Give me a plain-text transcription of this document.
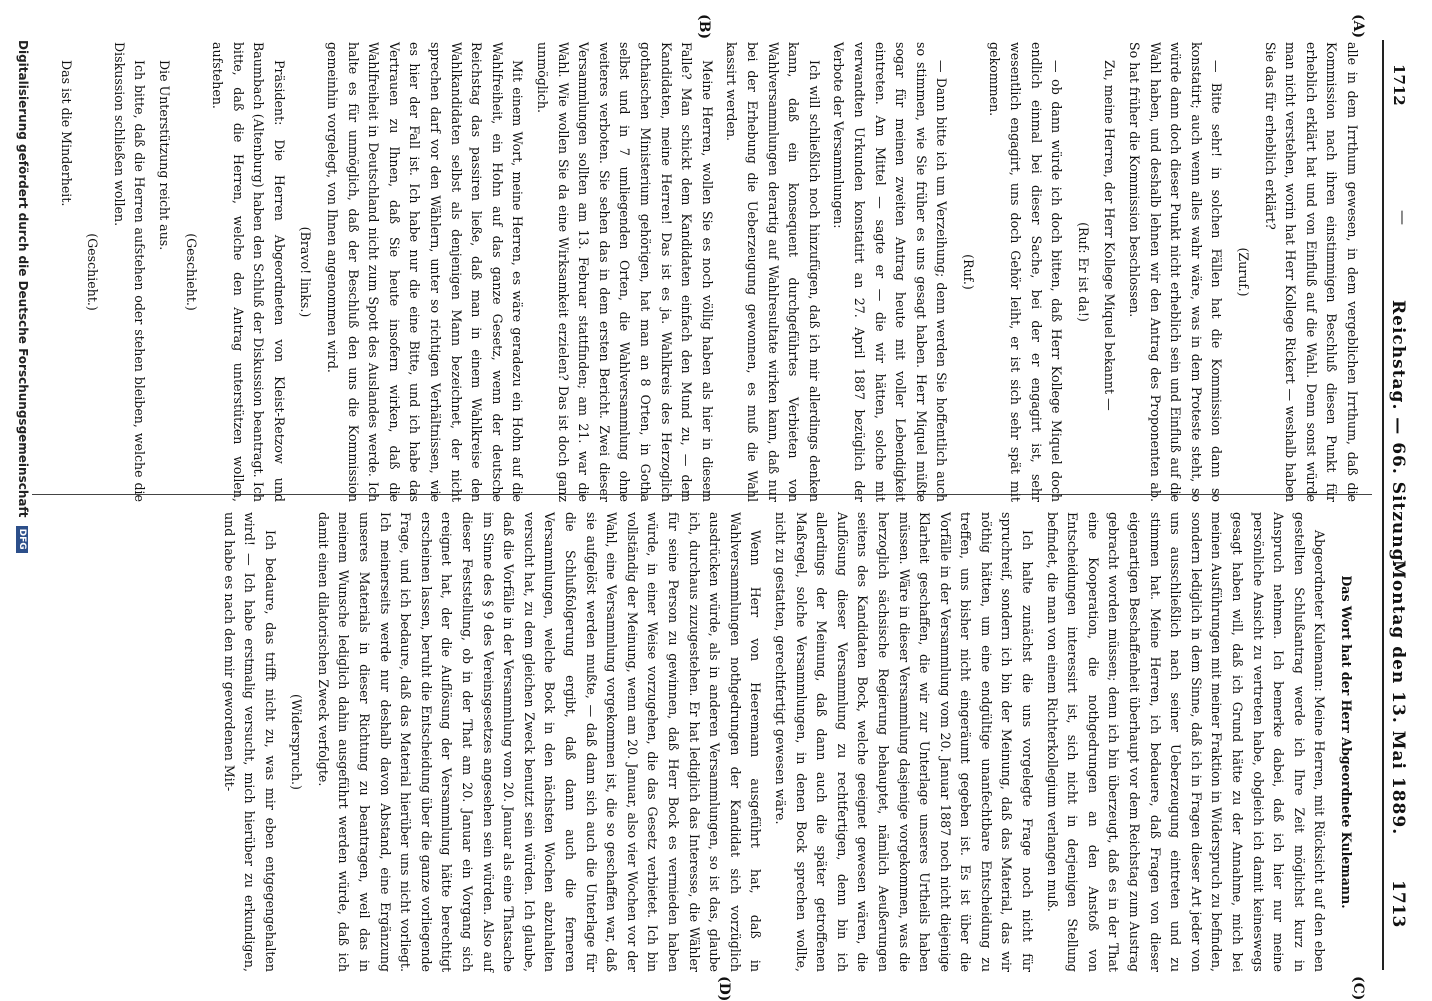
1712
—
Reichstag. — 66. Sitzung.
Montag den 13. Mai 1889.
1713
(A)
(B)
(C)
(D)

alle in dem Irrthum gewesen, in dem vergeblichen Irrthum, daß die Kommission nach ihren einstimmigen Beschluß diesen Punkt für erheblich erklärt hat und von Einfluß auf die Wahl. Denn sonst würde man nicht verstehen, worin hat Herr Kollege Rickert — weshalb haben Sie das für erheblich erklärt?

(Zuruf.)

— Bitte sehr! in solchen Fällen hat die Kommission dann so konstatirt; auch wenn alles wahr wäre, was in dem Proteste steht, so würde dann doch dieser Punkt nicht erheblich sein und Einfluß auf die Wahl haben, und deshalb lehnen wir den Antrag des Proponenten ab. So hat früher die Kommission beschlossen.

Zu, meine Herren, der Herr Kollege Miquel bekannt —

(Ruf: Er ist da!)

— ob dann würde ich doch bitten, daß Herr Kollege Miquel doch endlich einmal bei dieser Sache, bei der er engagirt ist, sehr wesentlich engagirt, uns doch Gehör leiht, er ist sich sehr spät mit gekommen.

(Ruf.)

— Dann bitte ich um Verzeihung; denn werden Sie hoffentlich auch so stimmen, wie Sie früher es uns gesagt haben. Herr Miquel müßte sogar für meinen zweiten Antrag heute mit voller Lebendigkeit eintreten. Am Mittel — sagte er — die wir hätten, solche mit verwandten Urkunden konstatirt an 27. April 1887 bezüglich der Verbote der Versammlungen:

Ich will schließlich noch hinzufügen, daß ich mir allerdings denken kann, daß ein konsequent durchgeführtes Verbieten von Wahlversammlungen derartig auf Wahlresultate wirken kann, daß nur bei der Erhebung die Ueberzeugung gewonnen, es muß die Wahl kassirt werden.

Meine Herren, wollen Sie es noch völlig haben als hier in diesem Falle? Man schickt dem Kandidaten einfach den Mund zu, — dem Kandidaten, meine Herren! Das ist es ja. Wahlkreis des Herzoglich gothaischen Ministerium gehörigen, hat man an 8 Orten, in Gotha selbst und in 7 umliegenden Orten, die Wahlversammlung ohne weiteres verboten. Sie sehen das in dem ersten Bericht. Zwei dieser Versammlungen sollten am 13. Februar stattfinden; am 21. war die Wahl. Wie wollen Sie da eine Wirksamkeit erzielen? Das ist doch ganz unmöglich.

Mit einem Wort, meine Herren, es wäre geradezu ein Hohn auf die Wahlfreiheit, ein Hohn auf das ganze Gesetz, wenn der deutsche Reichstag das passiren ließe, daß man in einem Wahlkreise den Wahlkandidaten selbst als denjenigen Mann bezeichnet, der nicht sprechen darf vor den Wählern, unter so richtigen Verhältnissen, wie es hier der Fall ist. Ich habe nur die eine Bitte, und ich habe das Vertrauen zu Ihnen, daß Sie heute insofern wirken, daß die Wahlfreiheit in Deutschland nicht zum Spott des Auslandes werde. Ich halte es für unmöglich, daß der Beschluß den uns die Kommission gemeinhin vorgelegt, von Ihnen angenommen wird.

(Bravo! links.)

Präsident: Die Herren Abgeordneten von Kleist-Retzow und Baumbach (Altenburg) haben den Schluß der Diskussion beantragt. Ich bitte, daß die Herren, welche den Antrag unterstützen wollen, aufstehen.

(Geschieht.)

Die Unterstützung reicht aus.

Ich bitte, daß die Herren aufstehen oder stehen bleiben, welche die Diskussion schließen wollen.

(Geschieht.)

Das ist die Minderheit.

Das Wort hat der Herr Abgeordnete Kulemann.

Abgeordneter Kulemann: Meine Herren, mit Rücksicht auf den eben gestellten Schlußantrag werde ich Ihre Zeit möglichst kurz in Anspruch nehmen. Ich bemerke dabei, daß ich hier nur meine persönliche Ansicht zu vertreten habe, obgleich ich damit keineswegs gesagt haben will, daß ich Grund hätte zu der Annahme, mich bei meinen Ausführungen mit meiner Fraktion in Widerspruch zu befinden, sondern lediglich in dem Sinne, daß ich in Fragen dieser Art jeder von uns ausschließlich nach seiner Ueberzeugung eintreten und zu stimmen hat. Meine Herren, ich bedauere, daß Fragen von dieser eigenartigen Beschaffenheit überhaupt vor dem Reichstag zum Austrag gebracht worden müssen; denn ich bin überzeugt, daß es in der That eine Kooperation, die nothgedrungen an den Anstoß von Entscheidungen interessirt ist, sich nicht in derjenigen Stellung befindet, die man von einem Richterkollegium verlangen muß.

Ich halte zunächst die uns vorgelegte Frage noch nicht für spruchreif, sondern ich bin der Meinung, daß das Material, das wir nöthig hätten, um eine endgültige unanfechtbare Entscheidung zu treffen, uns bisher nicht eingeräumt gegeben ist. Es ist über die Vorfälle in der Versammlung vom 20. Januar 1887 noch nicht diejenige Klarheit geschaffen, die wir zur Unterlage unseres Urtheils haben müssen. Wäre in dieser Versammlung dasjenige vorgekommen, was die herzoglich sächsische Regierung behauptet, nämlich Aeußerungen seitens des Kandidaten Bock, welche geeignet gewesen wären, die Auflösung dieser Versammlung zu rechtfertigen, denn bin ich allerdings der Meinung, daß dann auch die später getroffenen Maßregel, solche Versammlungen, in denen Bock sprechen wollte, nicht zu gestatten, gerechtfertigt gewesen wäre.

Wenn Herr von Heeremann ausgeführt hat, daß in Wahlversammlungen nothgedrungen der Kandidat sich vorzüglich ausdrücken würde, als in anderen Versammlungen, so ist das, glaube ich, durchaus zuzugestehen. Er hat lediglich das Interesse, die Wähler für seine Person zu gewinnen, daß Herr Bock es vermieden haben würde, in einer Weise vorzugehen, die das Gesetz verbietet. Ich bin vollständig der Meinung, wenn am 20. Januar, also vier Wochen vor der Wahl, eine Versammlung vorgekommen ist, die so geschaffen war, daß sie aufgelöst werden mußte, — daß dann sich auch die Unterlage für die Schlußfolgerung ergibt, daß dann auch die ferneren Versammlungen, welche Bock in den nächsten Wochen abzuhalten versucht hat, zu dem gleichen Zweck benutzt sein würden. Ich glaube, daß die Vorfälle in der Versammlung vom 20. Januar als eine Thatsache im Sinne des § 9 des Vereinsgesetzes angesehen sein würden. Also auf dieser Feststellung, ob in der That am 20. Januar ein Vorgang sich ereignet hat, der die Auflösung der Versammlung hätte berechtigt erscheinen lassen, beruht die Entscheidung über die ganze vorliegende Frage, und ich bedaure, daß das Material hierüber uns nicht vorliegt. Ich meinerseits werde nur deshalb davon Abstand, eine Ergänzung unseres Materials in dieser Richtung zu beantragen, weil das in meinem Wunsche lediglich dahin ausgeführt werden würde, daß ich damit einen dilatorischen Zweck verfolgte.

(Widerspruch.)

Ich bedaure, das trifft nicht zu, was mir eben entgegengehalten wird! — Ich habe erstmalig versucht, mich hierüber zu erkundigen, und habe es nach den mir gewordenen Mit-

Digitalisierung gefördert durch die Deutsche Forschungsgemeinschaft DFG
